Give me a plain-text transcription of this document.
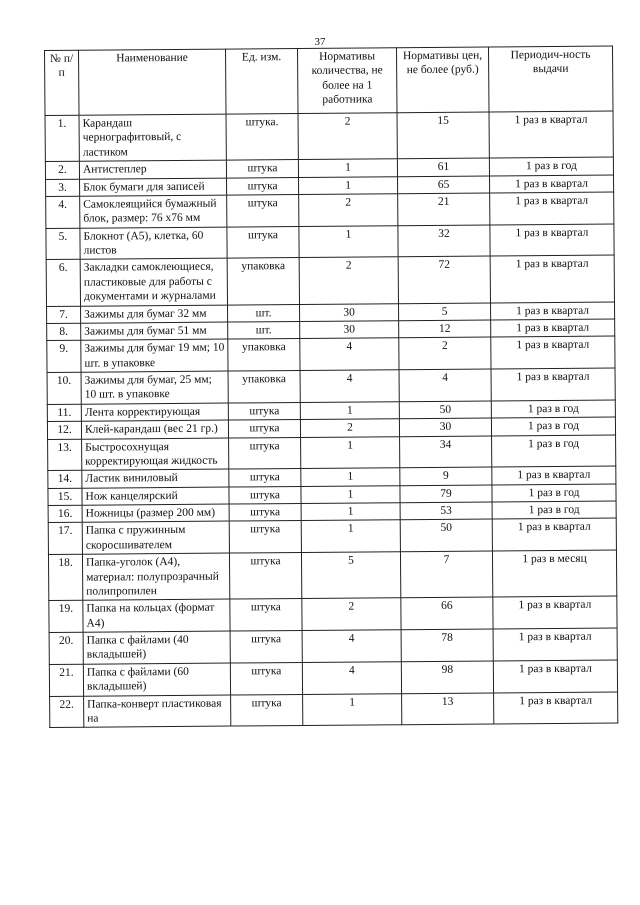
37
№ п/п	Наименование	Ед. изм.	Нормативы количества, не более на 1 работника	Нормативы цен, не более (руб.)	Периодич-ность выдачи
1.	Карандаш чернографитовый, с ластиком	штука.	2	15	1 раз в квартал
2.	Антистеплер	штука	1	61	1 раз в год
3.	Блок бумаги для записей	штука	1	65	1 раз в квартал
4.	Самоклеящийся бумажный блок, размер: 76 х76 мм	штука	2	21	1 раз в квартал
5.	Блокнот (А5), клетка, 60 листов	штука	1	32	1 раз в квартал
6.	Закладки самоклеющиеся, пластиковые для работы с документами и журналами	упаковка	2	72	1 раз в квартал
7.	Зажимы для бумаг 32 мм	шт.	30	5	1 раз в квартал
8.	Зажимы для бумаг 51 мм	шт.	30	12	1 раз в квартал
9.	Зажимы для бумаг 19 мм; 10 шт. в упаковке	упаковка	4	2	1 раз в квартал
10.	Зажимы для бумаг, 25 мм; 10 шт. в упаковке	упаковка	4	4	1 раз в квартал
11.	Лента корректирующая	штука	1	50	1 раз в год
12.	Клей-карандаш (вес 21 гр.)	штука	2	30	1 раз в год
13.	Быстросохнущая корректирующая жидкость	штука	1	34	1 раз в год
14.	Ластик виниловый	штука	1	9	1 раз в квартал
15.	Нож канцелярский	штука	1	79	1 раз в год
16.	Ножницы (размер 200 мм)	штука	1	53	1 раз в год
17.	Папка с пружинным скоросшивателем	штука	1	50	1 раз в квартал
18.	Папка-уголок (А4), материал: полупрозрачный полипропилен	штука	5	7	1 раз в месяц
19.	Папка на кольцах (формат А4)	штука	2	66	1 раз в квартал
20.	Папка с файлами (40 вкладышей)	штука	4	78	1 раз в квартал
21.	Папка с файлами (60 вкладышей)	штука	4	98	1 раз в квартал
22.	Папка-конверт пластиковая на	штука	1	13	1 раз в квартал
